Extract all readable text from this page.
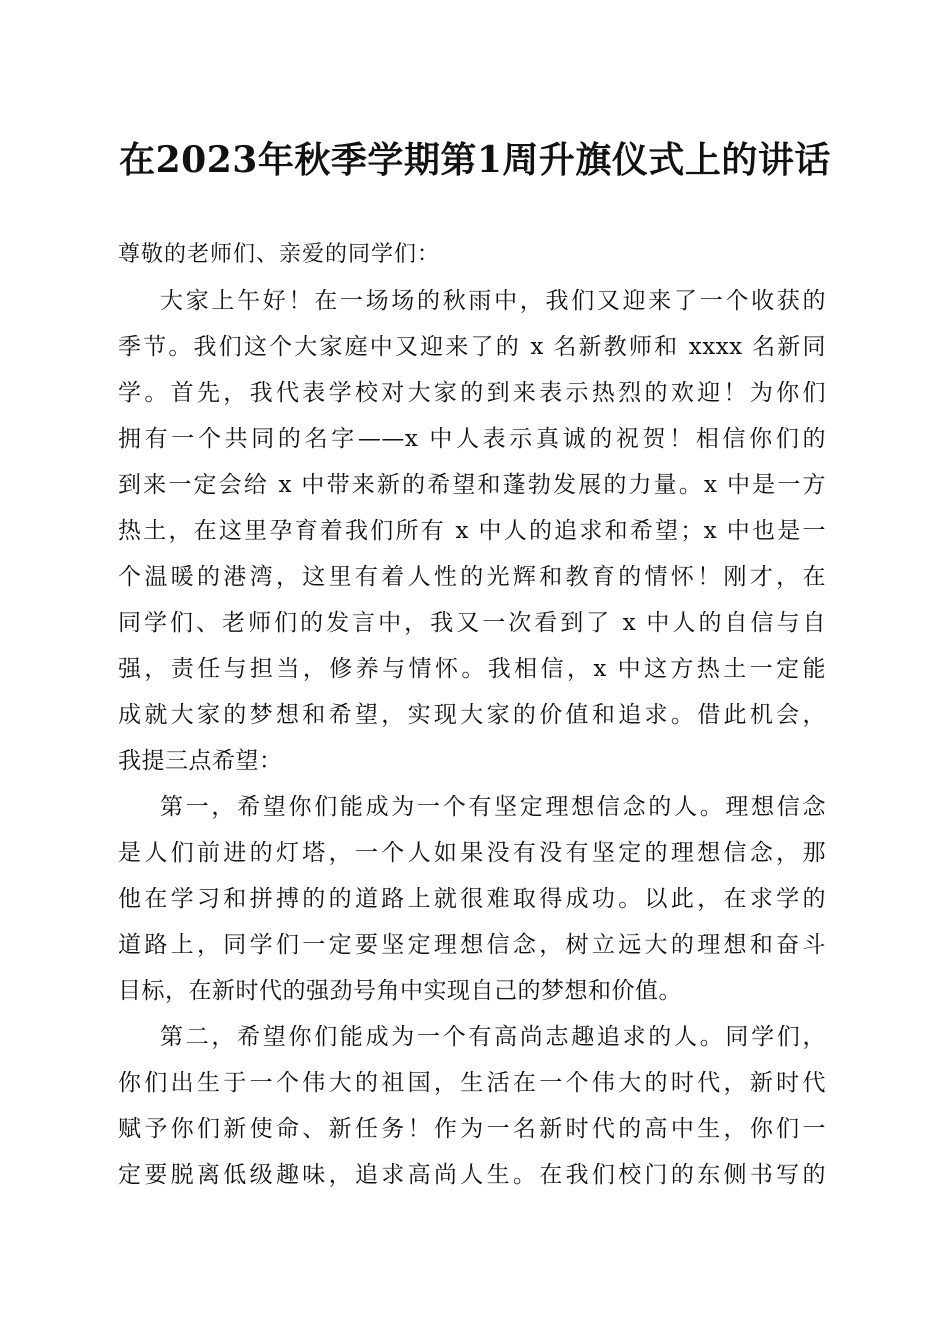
在2023年秋季学期第1周升旗仪式上的讲话

尊敬的老师们、亲爱的同学们：

大家上午好！在一场场的秋雨中，我们又迎来了一个收获的
季节。我们这个大家庭中又迎来了的 x 名新教师和 xxxx 名新同
学。首先，我代表学校对大家的到来表示热烈的欢迎！为你们
拥有一个共同的名字——x 中人表示真诚的祝贺！相信你们的
到来一定会给 x 中带来新的希望和蓬勃发展的力量。x 中是一方
热土，在这里孕育着我们所有 x 中人的追求和希望；x 中也是一
个温暖的港湾，这里有着人性的光辉和教育的情怀！刚才，在
同学们、老师们的发言中，我又一次看到了 x 中人的自信与自
强，责任与担当，修养与情怀。我相信，x 中这方热土一定能
成就大家的梦想和希望，实现大家的价值和追求。借此机会，
我提三点希望：
第一，希望你们能成为一个有坚定理想信念的人。理想信念
是人们前进的灯塔，一个人如果没有没有坚定的理想信念，那
他在学习和拼搏的的道路上就很难取得成功。以此，在求学的
道路上，同学们一定要坚定理想信念，树立远大的理想和奋斗
目标，在新时代的强劲号角中实现自己的梦想和价值。
第二，希望你们能成为一个有高尚志趣追求的人。同学们，
你们出生于一个伟大的祖国，生活在一个伟大的时代，新时代
赋予你们新使命、新任务！作为一名新时代的高中生，你们一
定要脱离低级趣味，追求高尚人生。在我们校门的东侧书写的
